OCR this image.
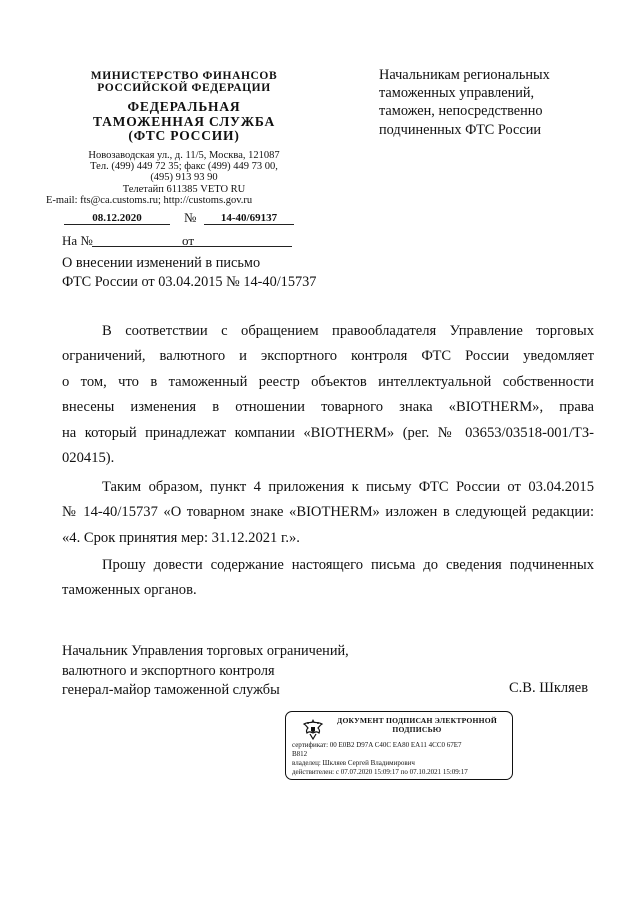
МИНИСТЕРСТВО ФИНАНСОВ
РОССИЙСКОЙ ФЕДЕРАЦИИ
ФЕДЕРАЛЬНАЯ
ТАМОЖЕННАЯ СЛУЖБА
(ФТС РОССИИ)
Новозаводская ул., д. 11/5, Москва, 121087
Тел. (499) 449 72 35; факс (499) 449 73 00,
(495) 913 93 90
Телетайп 611385 VETO RU
E-mail: fts@ca.customs.ru; http://customs.gov.ru
Начальникам региональных
таможенных управлений,
таможен, непосредственно
подчиненных ФТС России
08.12.2020	№	14-40/69137
На №	от
О внесении изменений в письмо
ФТС России от 03.04.2015 № 14-40/15737
В соответствии с обращением правообладателя Управление торговых
ограничений, валютного и экспортного контроля ФТС России уведомляет
о том, что в таможенный реестр объектов интеллектуальной собственности
внесены изменения в отношении товарного знака «BIOTHERM», права
на который принадлежат компании «BIOTHERM» (рег. № 03653/03518-001/ТЗ-
020415).
Таким образом, пункт 4 приложения к письму ФТС России от 03.04.2015
№ 14-40/15737 «О товарном знаке «BIOTHERM» изложен в следующей редакции:
«4. Срок принятия мер: 31.12.2021 г.».
Прошу довести содержание настоящего письма до сведения подчиненных
таможенных органов.
Начальник Управления торговых ограничений,
валютного и экспортного контроля
генерал-майор таможенной службы	С.В. Шкляев
ДОКУМЕНТ ПОДПИСАН ЭЛЕКТРОННОЙ
ПОДПИСЬЮ
сертификат: 00 E0B2 D97A C40C EA80 EA11 4CC0 67E7
B812
владелец: Шкляев Сергей Владимирович
действителен: с 07.07.2020 15:09:17 по 07.10.2021 15:09:17
